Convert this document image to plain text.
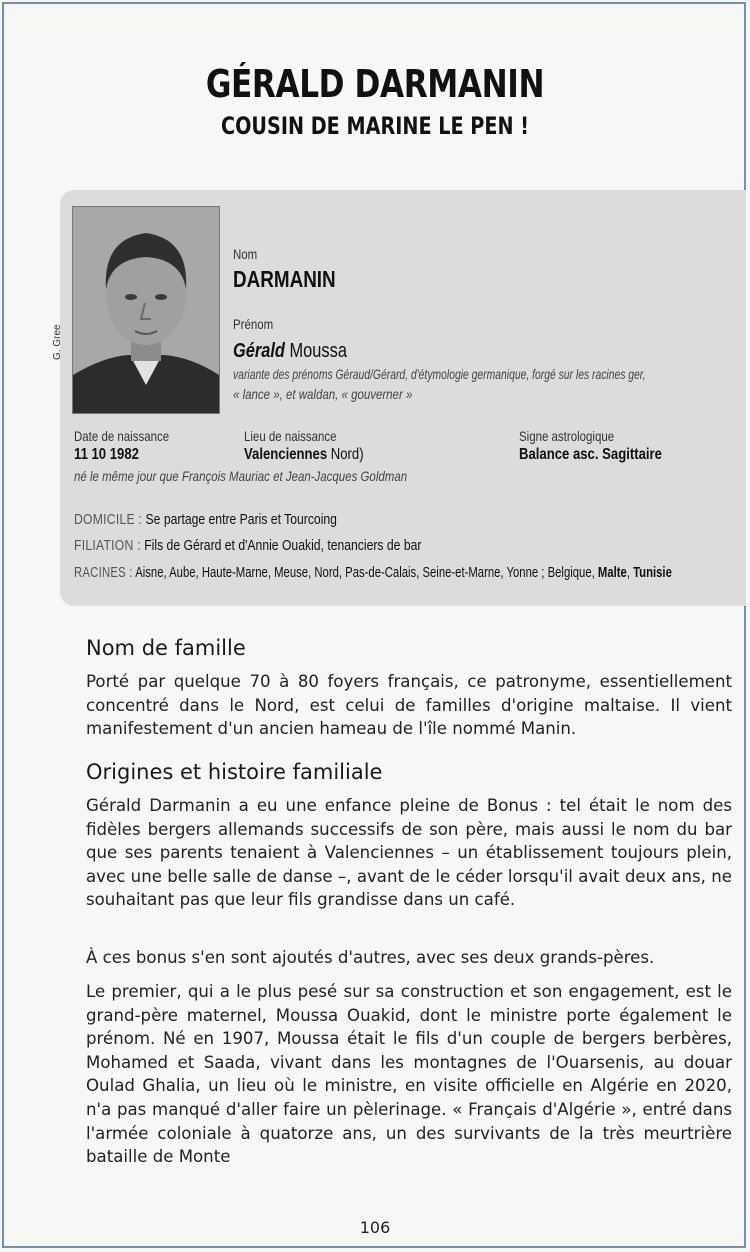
GÉRALD DARMANIN
COUSIN DE MARINE LE PEN !
G. Gree
Nom
DARMANIN
Prénom
Gérald Moussa
variante des prénoms Géraud/Gérard, d'étymologie germanique, forgé sur les racines ger,
« lance », et waldan, « gouverner »
Date de naissance
11 10 1982
né le même jour que François Mauriac et Jean-Jacques Goldman
Lieu de naissance
Valenciennes Nord)
Signe astrologique
Balance asc. Sagittaire
DOMICILE : Se partage entre Paris et Tourcoing
FILIATION : Fils de Gérard et d'Annie Ouakid, tenanciers de bar
RACINES : Aisne, Aube, Haute-Marne, Meuse, Nord, Pas-de-Calais, Seine-et-Marne, Yonne ; Belgique, Malte, Tunisie
Nom de famille
Porté par quelque 70 à 80 foyers français, ce patronyme, essentiellement concentré dans le Nord, est celui de familles d'origine maltaise. Il vient manifestement d'un ancien hameau de l'île nommé Manin.
Origines et histoire familiale
Gérald Darmanin a eu une enfance pleine de Bonus : tel était le nom des fidèles bergers allemands successifs de son père, mais aussi le nom du bar que ses parents tenaient à Valenciennes – un établissement toujours plein, avec une belle salle de danse –, avant de le céder lorsqu'il avait deux ans, ne souhaitant pas que leur fils grandisse dans un café.
À ces bonus s'en sont ajoutés d'autres, avec ses deux grands-pères.
Le premier, qui a le plus pesé sur sa construction et son engagement, est le grand-père maternel, Moussa Ouakid, dont le ministre porte également le prénom. Né en 1907, Moussa était le fils d'un couple de bergers berbères, Mohamed et Saada, vivant dans les montagnes de l'Ouarsenis, au douar Oulad Ghalia, un lieu où le ministre, en visite officielle en Algérie en 2020, n'a pas manqué d'aller faire un pèlerinage. « Français d'Algérie », entré dans l'armée coloniale à quatorze ans, un des survivants de la très meurtrière bataille de Monte
106
